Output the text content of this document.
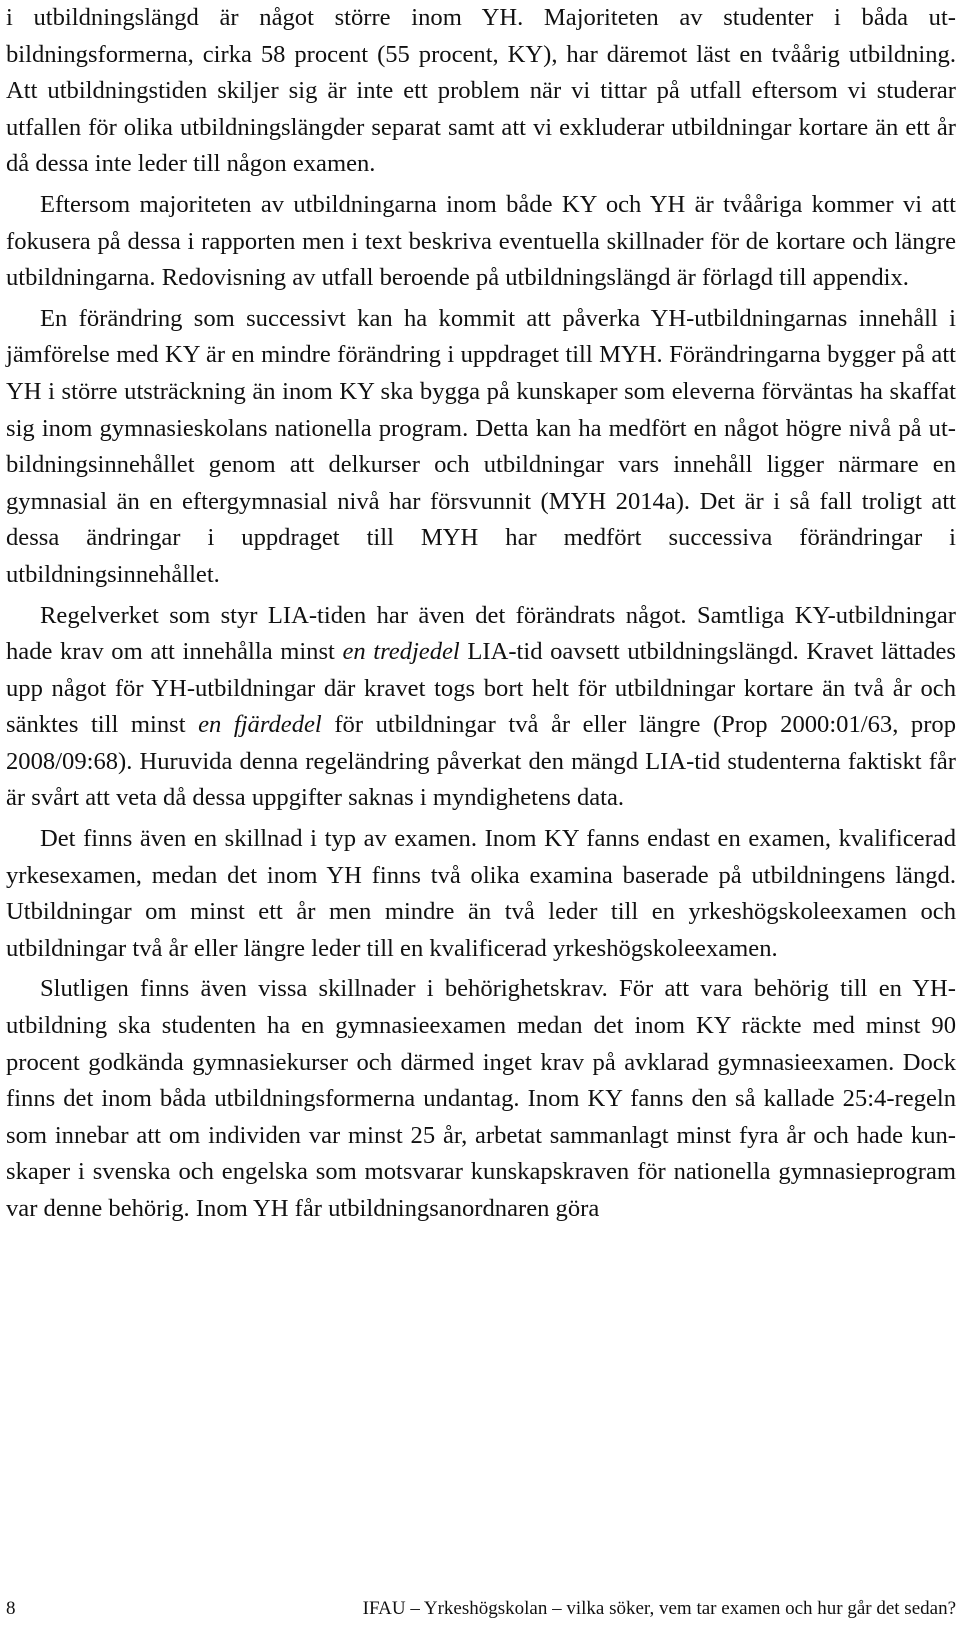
i utbildningslängd är något större inom YH. Majoriteten av studenter i båda utbildningsformerna, cirka 58 procent (55 procent, KY), har däremot läst en tvåårig utbildning. Att utbildningstiden skiljer sig är inte ett problem när vi tittar på utfall eftersom vi studerar utfallen för olika utbildningslängder separat samt att vi exkluderar utbildningar kortare än ett år då dessa inte leder till någon examen.

Eftersom majoriteten av utbildningarna inom både KY och YH är tvååriga kommer vi att fokusera på dessa i rapporten men i text beskriva eventuella skillnader för de kortare och längre utbildningarna. Redovisning av utfall beroende på utbildningslängd är förlagd till appendix.

En förändring som successivt kan ha kommit att påverka YH-utbildningarnas innehåll i jämförelse med KY är en mindre förändring i uppdraget till MYH. Förändringarna bygger på att YH i större utsträckning än inom KY ska bygga på kunskaper som eleverna förväntas ha skaffat sig inom gymnasieskolans nationella program. Detta kan ha medfört en något högre nivå på utbildningsinnehållet genom att delkurser och utbildningar vars innehåll ligger närmare en gymnasial än en eftergymnasial nivå har försvunnit (MYH 2014a). Det är i så fall troligt att dessa ändringar i uppdraget till MYH har medfört successiva förändringar i utbildningsinnehållet.

Regelverket som styr LIA-tiden har även det förändrats något. Samtliga KY-utbildningar hade krav om att innehålla minst en tredjedel LIA-tid oavsett utbildningslängd. Kravet lättades upp något för YH-utbildningar där kravet togs bort helt för utbildningar kortare än två år och sänktes till minst en fjärdedel för utbildningar två år eller längre (Prop 2000:01/63, prop 2008/09:68). Huruvida denna regeländring påverkat den mängd LIA-tid studenterna faktiskt får är svårt att veta då dessa uppgifter saknas i myndighetens data.

Det finns även en skillnad i typ av examen. Inom KY fanns endast en examen, kvalificerad yrkesexamen, medan det inom YH finns två olika examina baserade på utbildningens längd. Utbildningar om minst ett år men mindre än två leder till en yrkeshögskoleexamen och utbildningar två år eller längre leder till en kvalificerad yrkeshögskoleexamen.

Slutligen finns även vissa skillnader i behörighetskrav. För att vara behörig till en YH-utbildning ska studenten ha en gymnasieexamen medan det inom KY räckte med minst 90 procent godkända gymnasiekurser och därmed inget krav på avklarad gymnasieexamen. Dock finns det inom båda utbildningsformerna undantag. Inom KY fanns den så kallade 25:4-regeln som innebar att om individen var minst 25 år, arbetat sammanlagt minst fyra år och hade kunskaper i svenska och engelska som motsvarar kunskapskraven för nationella gymnasieprogram var denne behörig. Inom YH får utbildningsanordnaren göra

8	IFAU – Yrkeshögskolan – vilka söker, vem tar examen och hur går det sedan?
